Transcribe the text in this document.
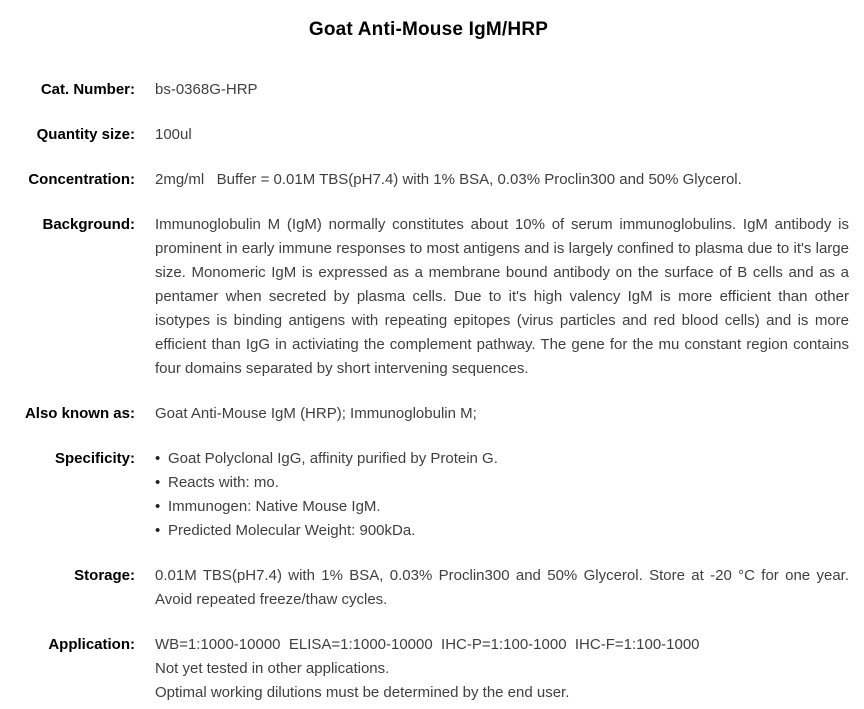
Goat Anti-Mouse IgM/HRP
Cat. Number: bs-0368G-HRP
Quantity size: 100ul
Concentration: 2mg/ml   Buffer = 0.01M TBS(pH7.4) with 1% BSA, 0.03% Proclin300 and 50% Glycerol.
Background: Immunoglobulin M (IgM) normally constitutes about 10% of serum immunoglobulins. IgM antibody is prominent in early immune responses to most antigens and is largely confined to plasma due to it's large size. Monomeric IgM is expressed as a membrane bound antibody on the surface of B cells and as a pentamer when secreted by plasma cells. Due to it's high valency IgM is more efficient than other isotypes is binding antigens with repeating epitopes (virus particles and red blood cells) and is more efficient than IgG in activiating the complement pathway. The gene for the mu constant region contains four domains separated by short intervening sequences.
Also known as: Goat Anti-Mouse IgM (HRP); Immunoglobulin M;
Specificity: • Goat Polyclonal IgG, affinity purified by Protein G.
• Reacts with: mo.
• Immunogen: Native Mouse IgM.
• Predicted Molecular Weight: 900kDa.
Storage: 0.01M TBS(pH7.4) with 1% BSA, 0.03% Proclin300 and 50% Glycerol. Store at -20 °C for one year. Avoid repeated freeze/thaw cycles.
Application: WB=1:1000-10000  ELISA=1:1000-10000  IHC-P=1:100-1000  IHC-F=1:100-1000
Not yet tested in other applications.
Optimal working dilutions must be determined by the end user.
